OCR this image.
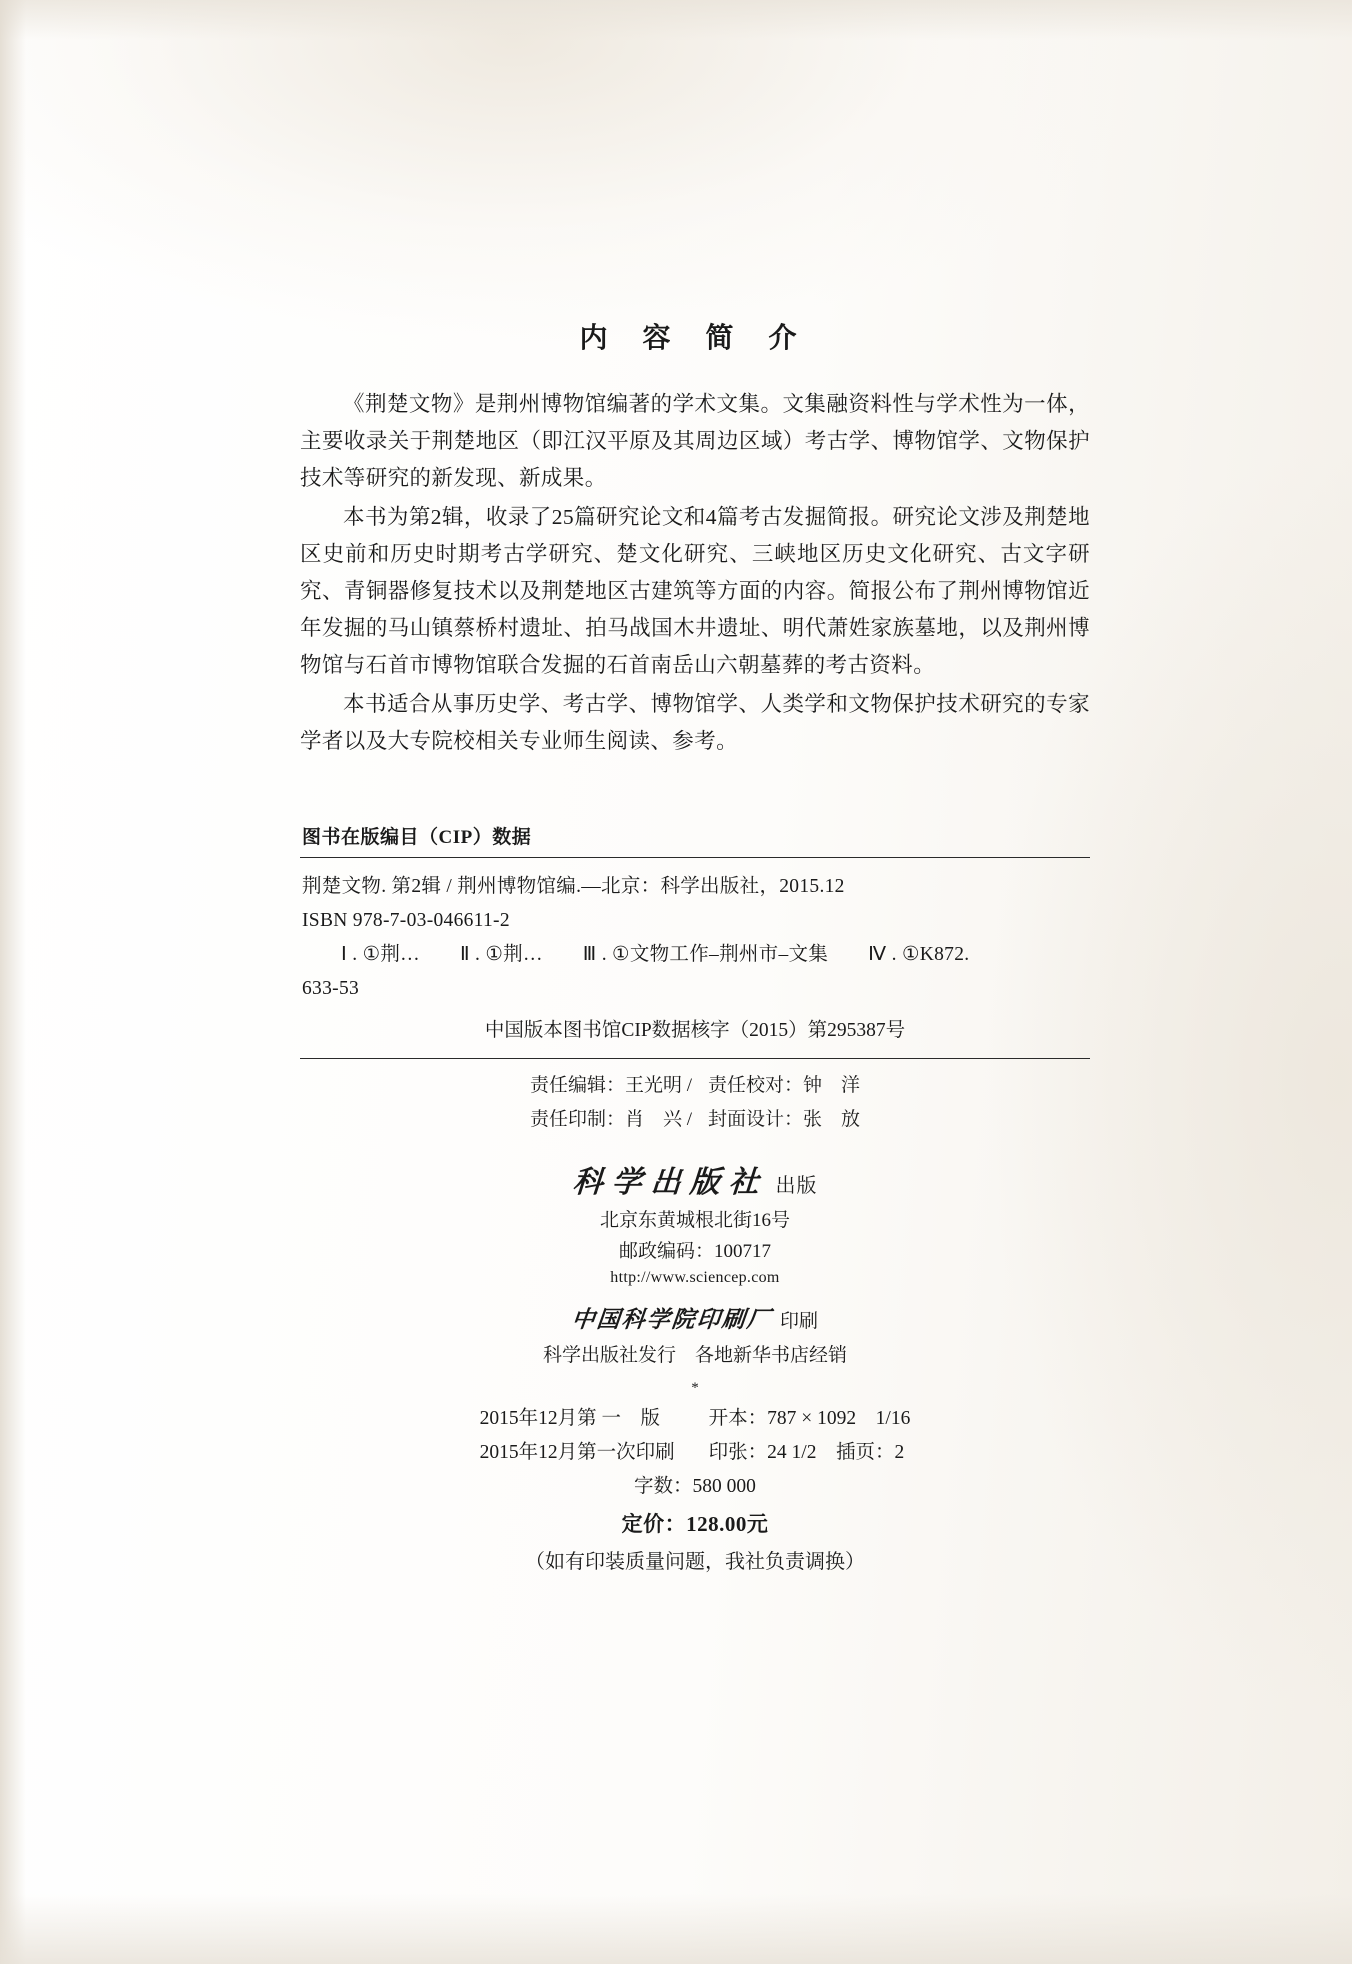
内 容 简 介

《荆楚文物》是荆州博物馆编著的学术文集。文集融资料性与学术性为一体，主要收录关于荆楚地区（即江汉平原及其周边区域）考古学、博物馆学、文物保护技术等研究的新发现、新成果。

本书为第2辑，收录了25篇研究论文和4篇考古发掘简报。研究论文涉及荆楚地区史前和历史时期考古学研究、楚文化研究、三峡地区历史文化研究、古文字研究、青铜器修复技术以及荆楚地区古建筑等方面的内容。简报公布了荆州博物馆近年发掘的马山镇蔡桥村遗址、拍马战国木井遗址、明代萧姓家族墓地，以及荆州博物馆与石首市博物馆联合发掘的石首南岳山六朝墓葬的考古资料。

本书适合从事历史学、考古学、博物馆学、人类学和文物保护技术研究的专家学者以及大专院校相关专业师生阅读、参考。

图书在版编目（CIP）数据
荆楚文物. 第2辑 / 荆州博物馆编.—北京：科学出版社，2015.12
ISBN 978-7-03-046611-2
Ⅰ . ①荆… Ⅱ . ①荆… Ⅲ . ①文物工作–荆州市–文集 Ⅳ . ①K872.
633-53
中国版本图书馆CIP数据核字（2015）第295387号
责任编辑：王光明 / 责任校对：钟　洋
责任印制：肖　兴 / 封面设计：张　放
科学出版社 出版
北京东黄城根北街16号
邮政编码：100717
http://www.sciencep.com
中国科学院印刷厂 印刷
科学出版社发行　各地新华书店经销
*
2015年12月第 一　版	开本：787 × 1092　1/16
2015年12月第一次印刷	印张：24 1/2　插页：2
字数：580 000
定价：128.00元
（如有印装质量问题，我社负责调换）
